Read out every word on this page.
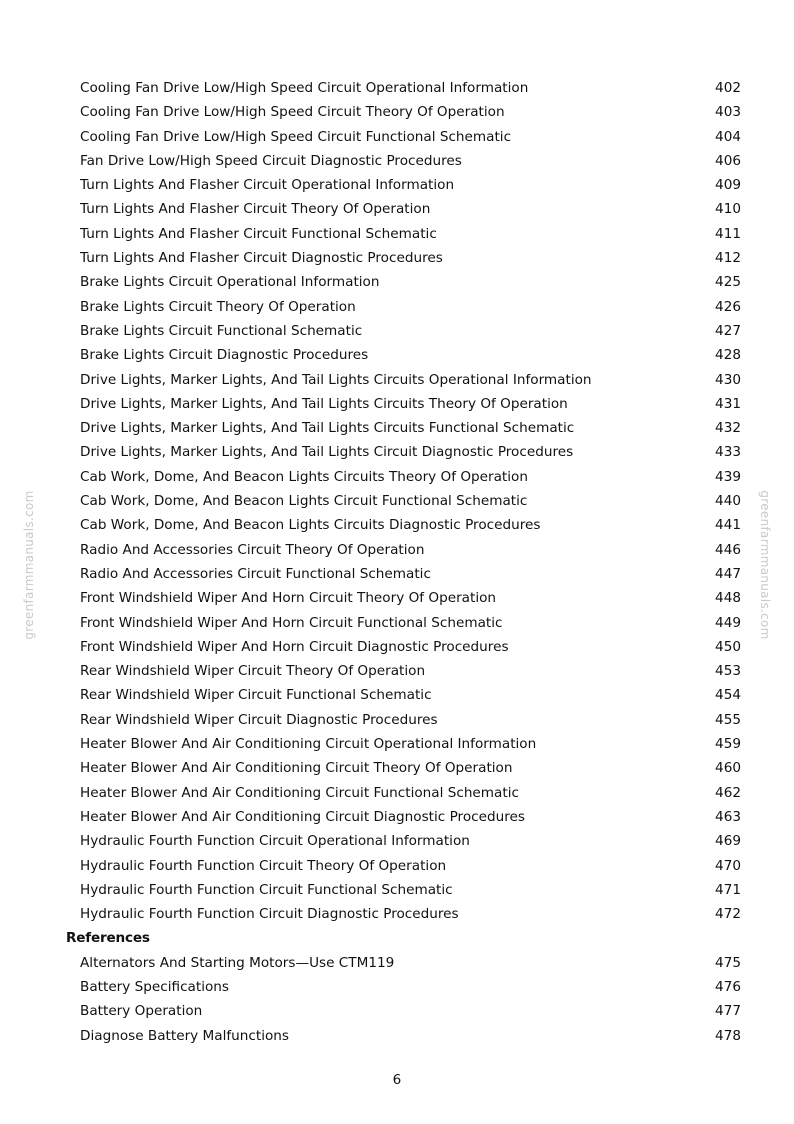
Cooling Fan Drive Low/High Speed Circuit Operational Information	402
Cooling Fan Drive Low/High Speed Circuit Theory Of Operation	403
Cooling Fan Drive Low/High Speed Circuit Functional Schematic	404
Fan Drive Low/High Speed Circuit Diagnostic Procedures	406
Turn Lights And Flasher Circuit Operational Information	409
Turn Lights And Flasher Circuit Theory Of Operation	410
Turn Lights And Flasher Circuit Functional Schematic	411
Turn Lights And Flasher Circuit Diagnostic Procedures	412
Brake Lights Circuit Operational Information	425
Brake Lights Circuit Theory Of Operation	426
Brake Lights Circuit Functional Schematic	427
Brake Lights Circuit Diagnostic Procedures	428
Drive Lights, Marker Lights, And Tail Lights Circuits Operational Information	430
Drive Lights, Marker Lights, And Tail Lights Circuits Theory Of Operation	431
Drive Lights, Marker Lights, And Tail Lights Circuits Functional Schematic	432
Drive Lights, Marker Lights, And Tail Lights Circuit Diagnostic Procedures	433
Cab Work, Dome, And Beacon Lights Circuits Theory Of Operation	439
Cab Work, Dome, And Beacon Lights Circuit Functional Schematic	440
Cab Work, Dome, And Beacon Lights Circuits Diagnostic Procedures	441
Radio And Accessories Circuit Theory Of Operation	446
Radio And Accessories Circuit Functional Schematic	447
Front Windshield Wiper And Horn Circuit Theory Of Operation	448
Front Windshield Wiper And Horn Circuit Functional Schematic	449
Front Windshield Wiper And Horn Circuit Diagnostic Procedures	450
Rear Windshield Wiper Circuit Theory Of Operation	453
Rear Windshield Wiper Circuit Functional Schematic	454
Rear Windshield Wiper Circuit Diagnostic Procedures	455
Heater Blower And Air Conditioning Circuit Operational Information	459
Heater Blower And Air Conditioning Circuit Theory Of Operation	460
Heater Blower And Air Conditioning Circuit Functional Schematic	462
Heater Blower And Air Conditioning Circuit Diagnostic Procedures	463
Hydraulic Fourth Function Circuit Operational Information	469
Hydraulic Fourth Function Circuit Theory Of Operation	470
Hydraulic Fourth Function Circuit Functional Schematic	471
Hydraulic Fourth Function Circuit Diagnostic Procedures	472
References
Alternators And Starting Motors—Use CTM119	475
Battery Specifications	476
Battery Operation	477
Diagnose Battery Malfunctions	478
6
greenfarmmanuals.com	greenfarmmanuals.com
